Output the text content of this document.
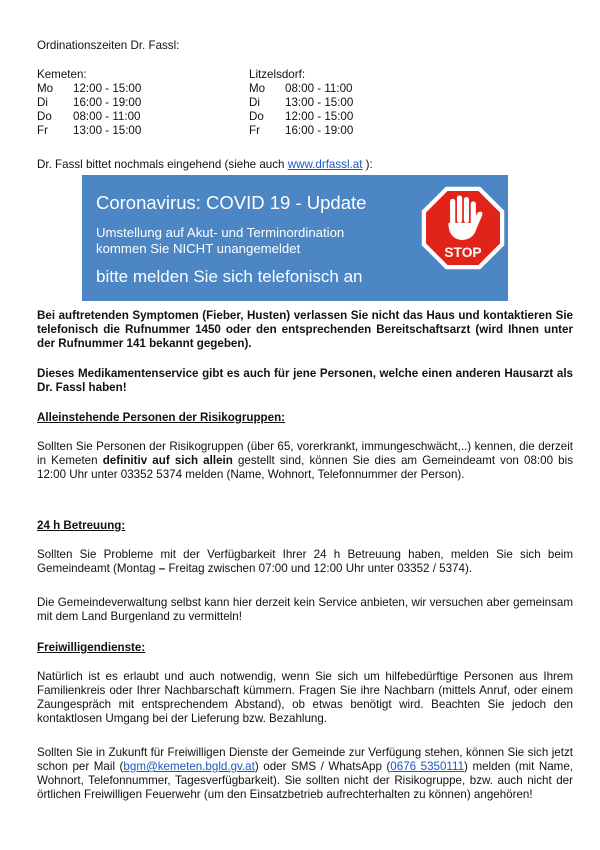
Ordinationszeiten Dr. Fassl:
Kemeten:
Mo	12:00 - 15:00
Di	16:00 - 19:00
Do	08:00 - 11:00
Fr	13:00 - 15:00
Litzelsdorf:
Mo	08:00 - 11:00
Di	13:00 - 15:00
Do	12:00 - 15:00
Fr	16:00 - 19:00
Dr. Fassl bittet nochmals eingehend (siehe auch www.drfassl.at ):
Coronavirus: COVID 19 - Update
Umstellung auf Akut- und Terminordination
kommen Sie NICHT unangemeldet
bitte melden Sie sich telefonisch an
STOP
Bei auftretenden Symptomen (Fieber, Husten) verlassen Sie nicht das Haus und kontaktieren Sie telefonisch die Rufnummer 1450 oder den entsprechenden Bereitschaftsarzt (wird Ihnen unter der Rufnummer 141 bekannt gegeben).
Dieses Medikamentenservice gibt es auch für jene Personen, welche einen anderen Hausarzt als Dr. Fassl haben!
Alleinstehende Personen der Risikogruppen:
Sollten Sie Personen der Risikogruppen (über 65, vorerkrankt, immungeschwächt,..) kennen, die derzeit in Kemeten definitiv auf sich allein gestellt sind, können Sie dies am Gemeindeamt von 08:00 bis 12:00 Uhr unter 03352 5374 melden (Name, Wohnort, Telefonnummer der Person).
24 h Betreuung:
Sollten Sie Probleme mit der Verfügbarkeit Ihrer 24 h Betreuung haben, melden Sie sich beim Gemeindeamt (Montag – Freitag zwischen 07:00 und 12:00 Uhr unter 03352 / 5374).
Die Gemeindeverwaltung selbst kann hier derzeit kein Service anbieten, wir versuchen aber gemeinsam mit dem Land Burgenland zu vermitteln!
Freiwilligendienste:
Natürlich ist es erlaubt und auch notwendig, wenn Sie sich um hilfebedürftige Personen aus Ihrem Familienkreis oder Ihrer Nachbarschaft kümmern. Fragen Sie ihre Nachbarn (mittels Anruf, oder einem Zaungespräch mit entsprechendem Abstand), ob etwas benötigt wird. Beachten Sie jedoch den kontaktlosen Umgang bei der Lieferung bzw. Bezahlung.
Sollten Sie in Zukunft für Freiwilligen Dienste der Gemeinde zur Verfügung stehen, können Sie sich jetzt schon per Mail (bgm@kemeten.bgld.gv.at) oder SMS / WhatsApp (0676 5350111) melden (mit Name, Wohnort, Telefonnummer, Tagesverfügbarkeit). Sie sollten nicht der Risikogruppe, bzw. auch nicht der örtlichen Freiwilligen Feuerwehr (um den Einsatzbetrieb aufrechterhalten zu können) angehören!
